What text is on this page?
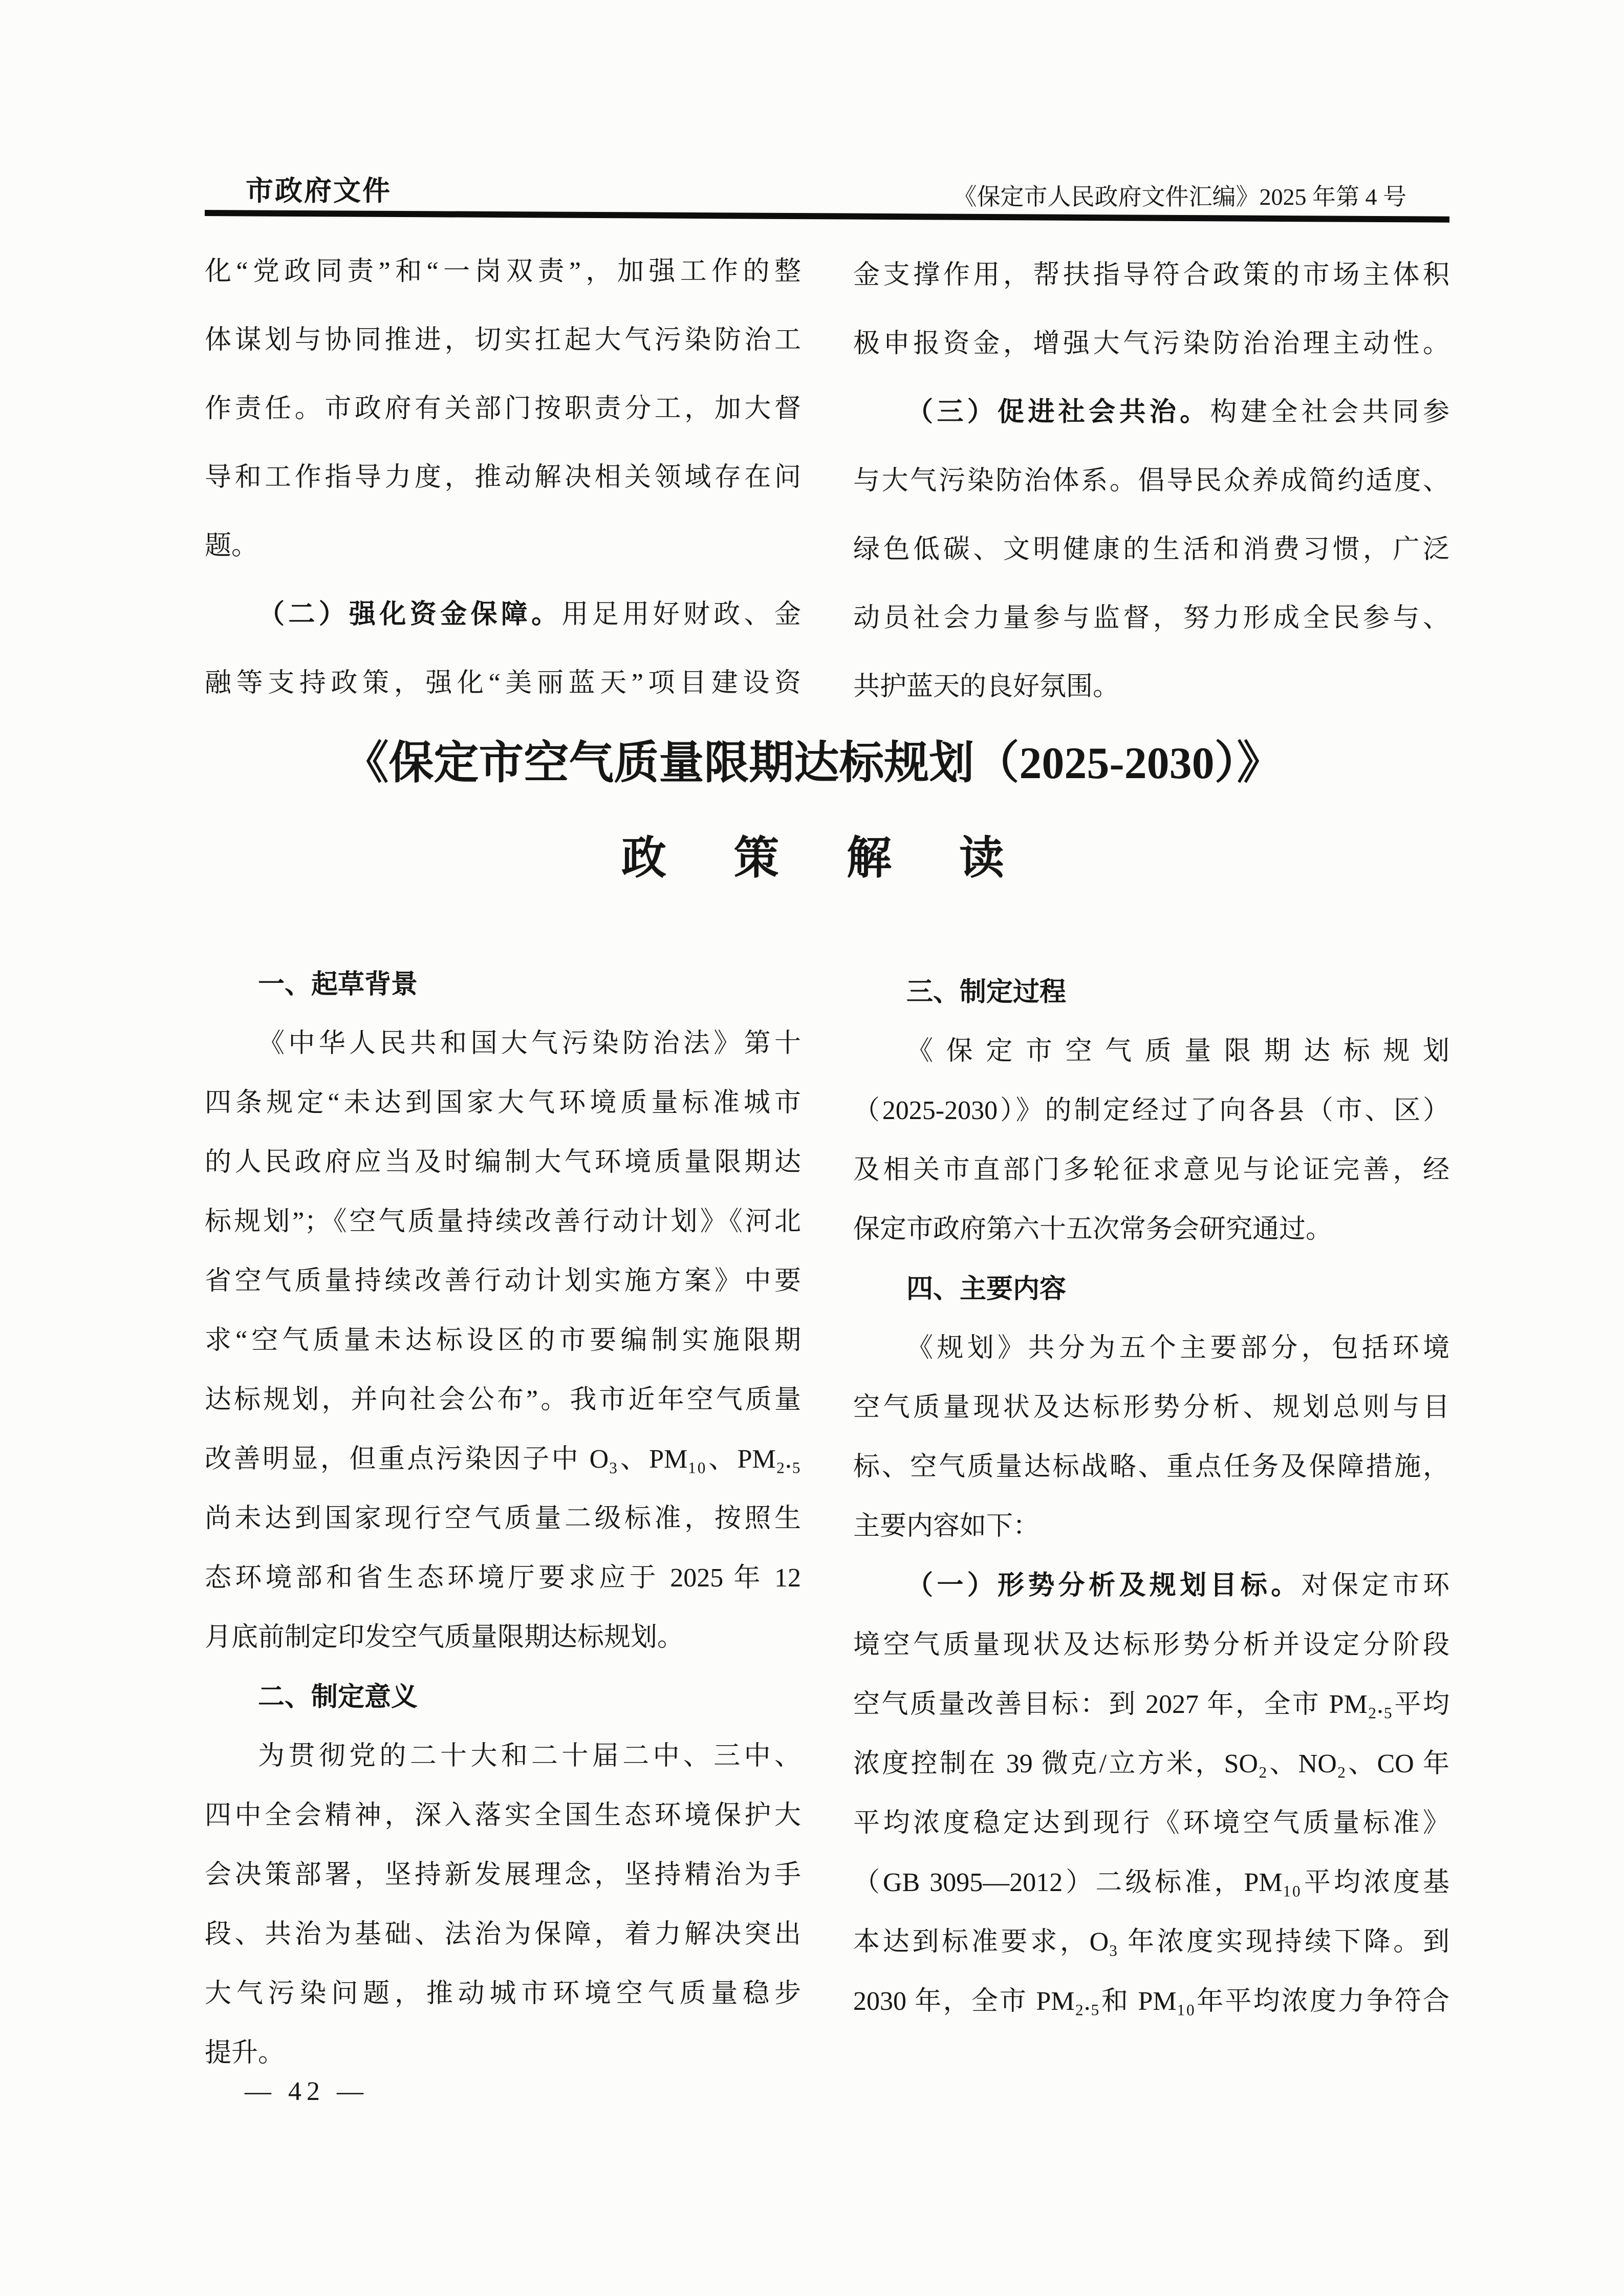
市政府文件	《保定市人民政府文件汇编》2025 年第 4 号
化“党政同责”和“一岗双责”，加强工作的整
体谋划与协同推进，切实扛起大气污染防治工
作责任。市政府有关部门按职责分工，加大督
导和工作指导力度，推动解决相关领域存在问
题。
（二）强化资金保障。用足用好财政、金
融等支持政策，强化“美丽蓝天”项目建设资
金支撑作用，帮扶指导符合政策的市场主体积
极申报资金，增强大气污染防治治理主动性。
（三）促进社会共治。构建全社会共同参
与大气污染防治体系。倡导民众养成简约适度、
绿色低碳、文明健康的生活和消费习惯，广泛
动员社会力量参与监督，努力形成全民参与、
共护蓝天的良好氛围。
《保定市空气质量限期达标规划（2025-2030）》
政策解读
一、起草背景
《中华人民共和国大气污染防治法》第十
四条规定“未达到国家大气环境质量标准城市
的人民政府应当及时编制大气环境质量限期达
标规划”；《空气质量持续改善行动计划》《河北
省空气质量持续改善行动计划实施方案》中要
求“空气质量未达标设区的市要编制实施限期
达标规划，并向社会公布”。我市近年空气质量
改善明显，但重点污染因子中 O₃、PM₁₀、PM₂.₅
尚未达到国家现行空气质量二级标准，按照生
态环境部和省生态环境厅要求应于 2025 年 12
月底前制定印发空气质量限期达标规划。
二、制定意义
为贯彻党的二十大和二十届二中、三中、
四中全会精神，深入落实全国生态环境保护大
会决策部署，坚持新发展理念，坚持精治为手
段、共治为基础、法治为保障，着力解决突出
大气污染问题，推动城市环境空气质量稳步
提升。
三、制定过程
《保定市空气质量限期达标规划
（2025-2030）》的制定经过了向各县（市、区）
及相关市直部门多轮征求意见与论证完善，经
保定市政府第六十五次常务会研究通过。
四、主要内容
《规划》共分为五个主要部分，包括环境
空气质量现状及达标形势分析、规划总则与目
标、空气质量达标战略、重点任务及保障措施，
主要内容如下：
（一）形势分析及规划目标。对保定市环
境空气质量现状及达标形势分析并设定分阶段
空气质量改善目标：到 2027 年，全市 PM₂.₅平均
浓度控制在 39 微克/立方米，SO₂、NO₂、CO 年
平均浓度稳定达到现行《环境空气质量标准》
（GB 3095—2012）二级标准，PM₁₀平均浓度基
本达到标准要求，O₃ 年浓度实现持续下降。到
2030 年，全市 PM₂.₅和 PM₁₀年平均浓度力争符合
— 42 —
